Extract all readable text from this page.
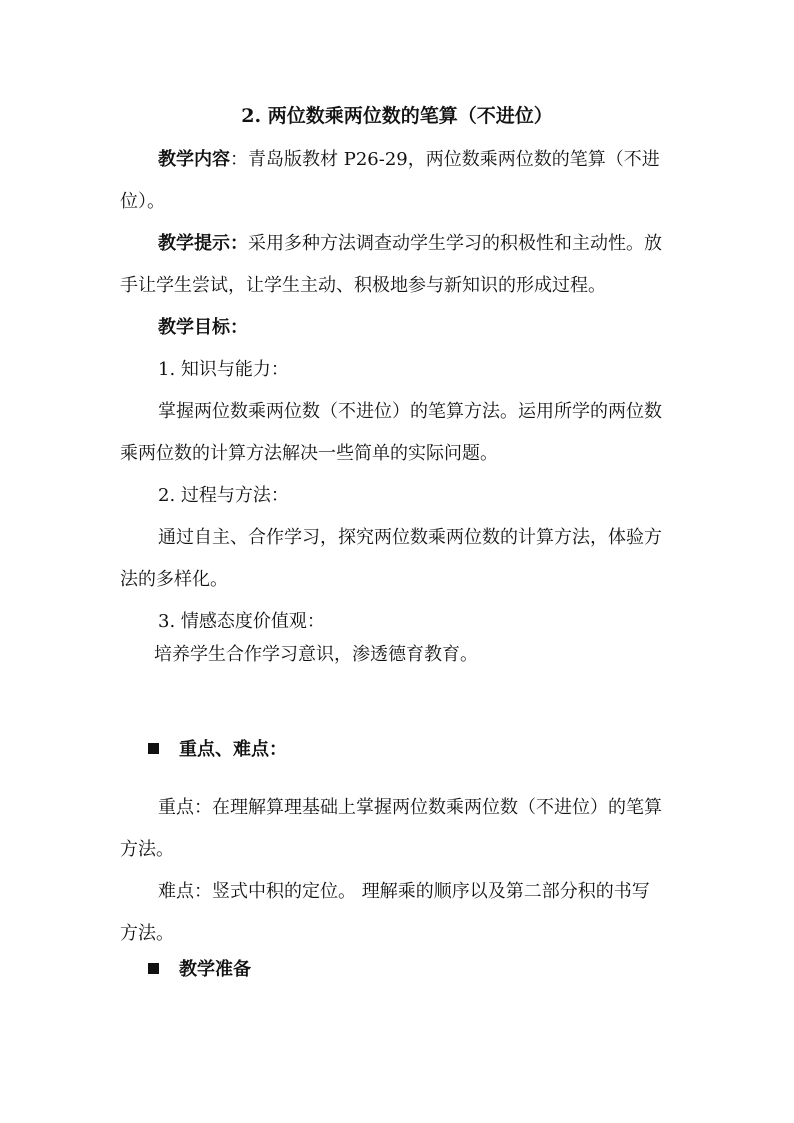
2. 两位数乘两位数的笔算（不进位）
教学内容：青岛版教材 P26-29，两位数乘两位数的笔算（不进
位）。
教学提示：采用多种方法调查动学生学习的积极性和主动性。放
手让学生尝试，让学生主动、积极地参与新知识的形成过程。
教学目标：
1. 知识与能力：
掌握两位数乘两位数（不进位）的笔算方法。运用所学的两位数
乘两位数的计算方法解决一些简单的实际问题。
2. 过程与方法：
通过自主、合作学习，探究两位数乘两位数的计算方法，体验方
法的多样化。
3. 情感态度价值观：
培养学生合作学习意识，渗透德育教育。
重点、难点：
重点：在理解算理基础上掌握两位数乘两位数（不进位）的笔算
方法。
难点：竖式中积的定位。 理解乘的顺序以及第二部分积的书写
方法。
教学准备
